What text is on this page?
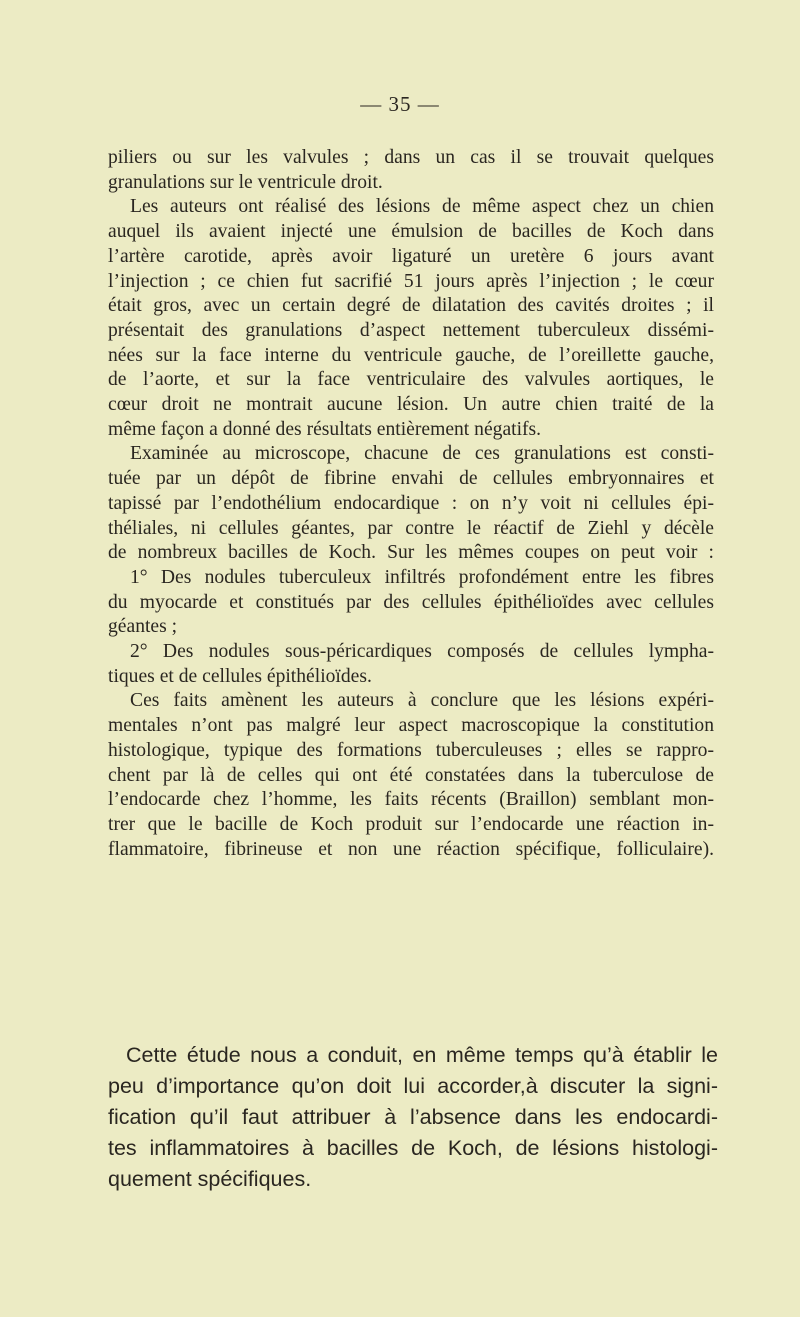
— 35 —
piliers ou sur les valvules ; dans un cas il se trouvait quelques
granulations sur le ventricule droit.
Les auteurs ont réalisé des lésions de même aspect chez un chien
auquel ils avaient injecté une émulsion de bacilles de Koch dans
l’artère carotide, après avoir ligaturé un uretère 6 jours avant
l’injection ; ce chien fut sacrifié 51 jours après l’injection ; le cœur
était gros, avec un certain degré de dilatation des cavités droites ; il
présentait des granulations d’aspect nettement tuberculeux dissémi-
nées sur la face interne du ventricule gauche, de l’oreillette gauche,
de l’aorte, et sur la face ventriculaire des valvules aortiques, le
cœur droit ne montrait aucune lésion. Un autre chien traité de la
même façon a donné des résultats entièrement négatifs.
Examinée au microscope, chacune de ces granulations est consti-
tuée par un dépôt de fibrine envahi de cellules embryonnaires et
tapissé par l’endothélium endocardique : on n’y voit ni cellules épi-
théliales, ni cellules géantes, par contre le réactif de Ziehl y décèle
de nombreux bacilles de Koch. Sur les mêmes coupes on peut voir :
1° Des nodules tuberculeux infiltrés profondément entre les fibres
du myocarde et constitués par des cellules épithélioïdes avec cellules
géantes ;
2° Des nodules sous-péricardiques composés de cellules lympha-
tiques et de cellules épithélioïdes.
Ces faits amènent les auteurs à conclure que les lésions expéri-
mentales n’ont pas malgré leur aspect macroscopique la constitution
histologique, typique des formations tuberculeuses ; elles se rappro-
chent par là de celles qui ont été constatées dans la tuberculose de
l’endocarde chez l’homme, les faits récents (Braillon) semblant mon-
trer que le bacille de Koch produit sur l’endocarde une réaction in-
flammatoire, fibrineuse et non une réaction spécifique, folliculaire).
Cette étude nous a conduit, en même temps qu’à établir le
peu d’importance qu’on doit lui accorder,à discuter la signi-
fication qu’il faut attribuer à l’absence dans les endocardi-
tes inflammatoires à bacilles de Koch, de lésions histologi-
quement spécifiques.
